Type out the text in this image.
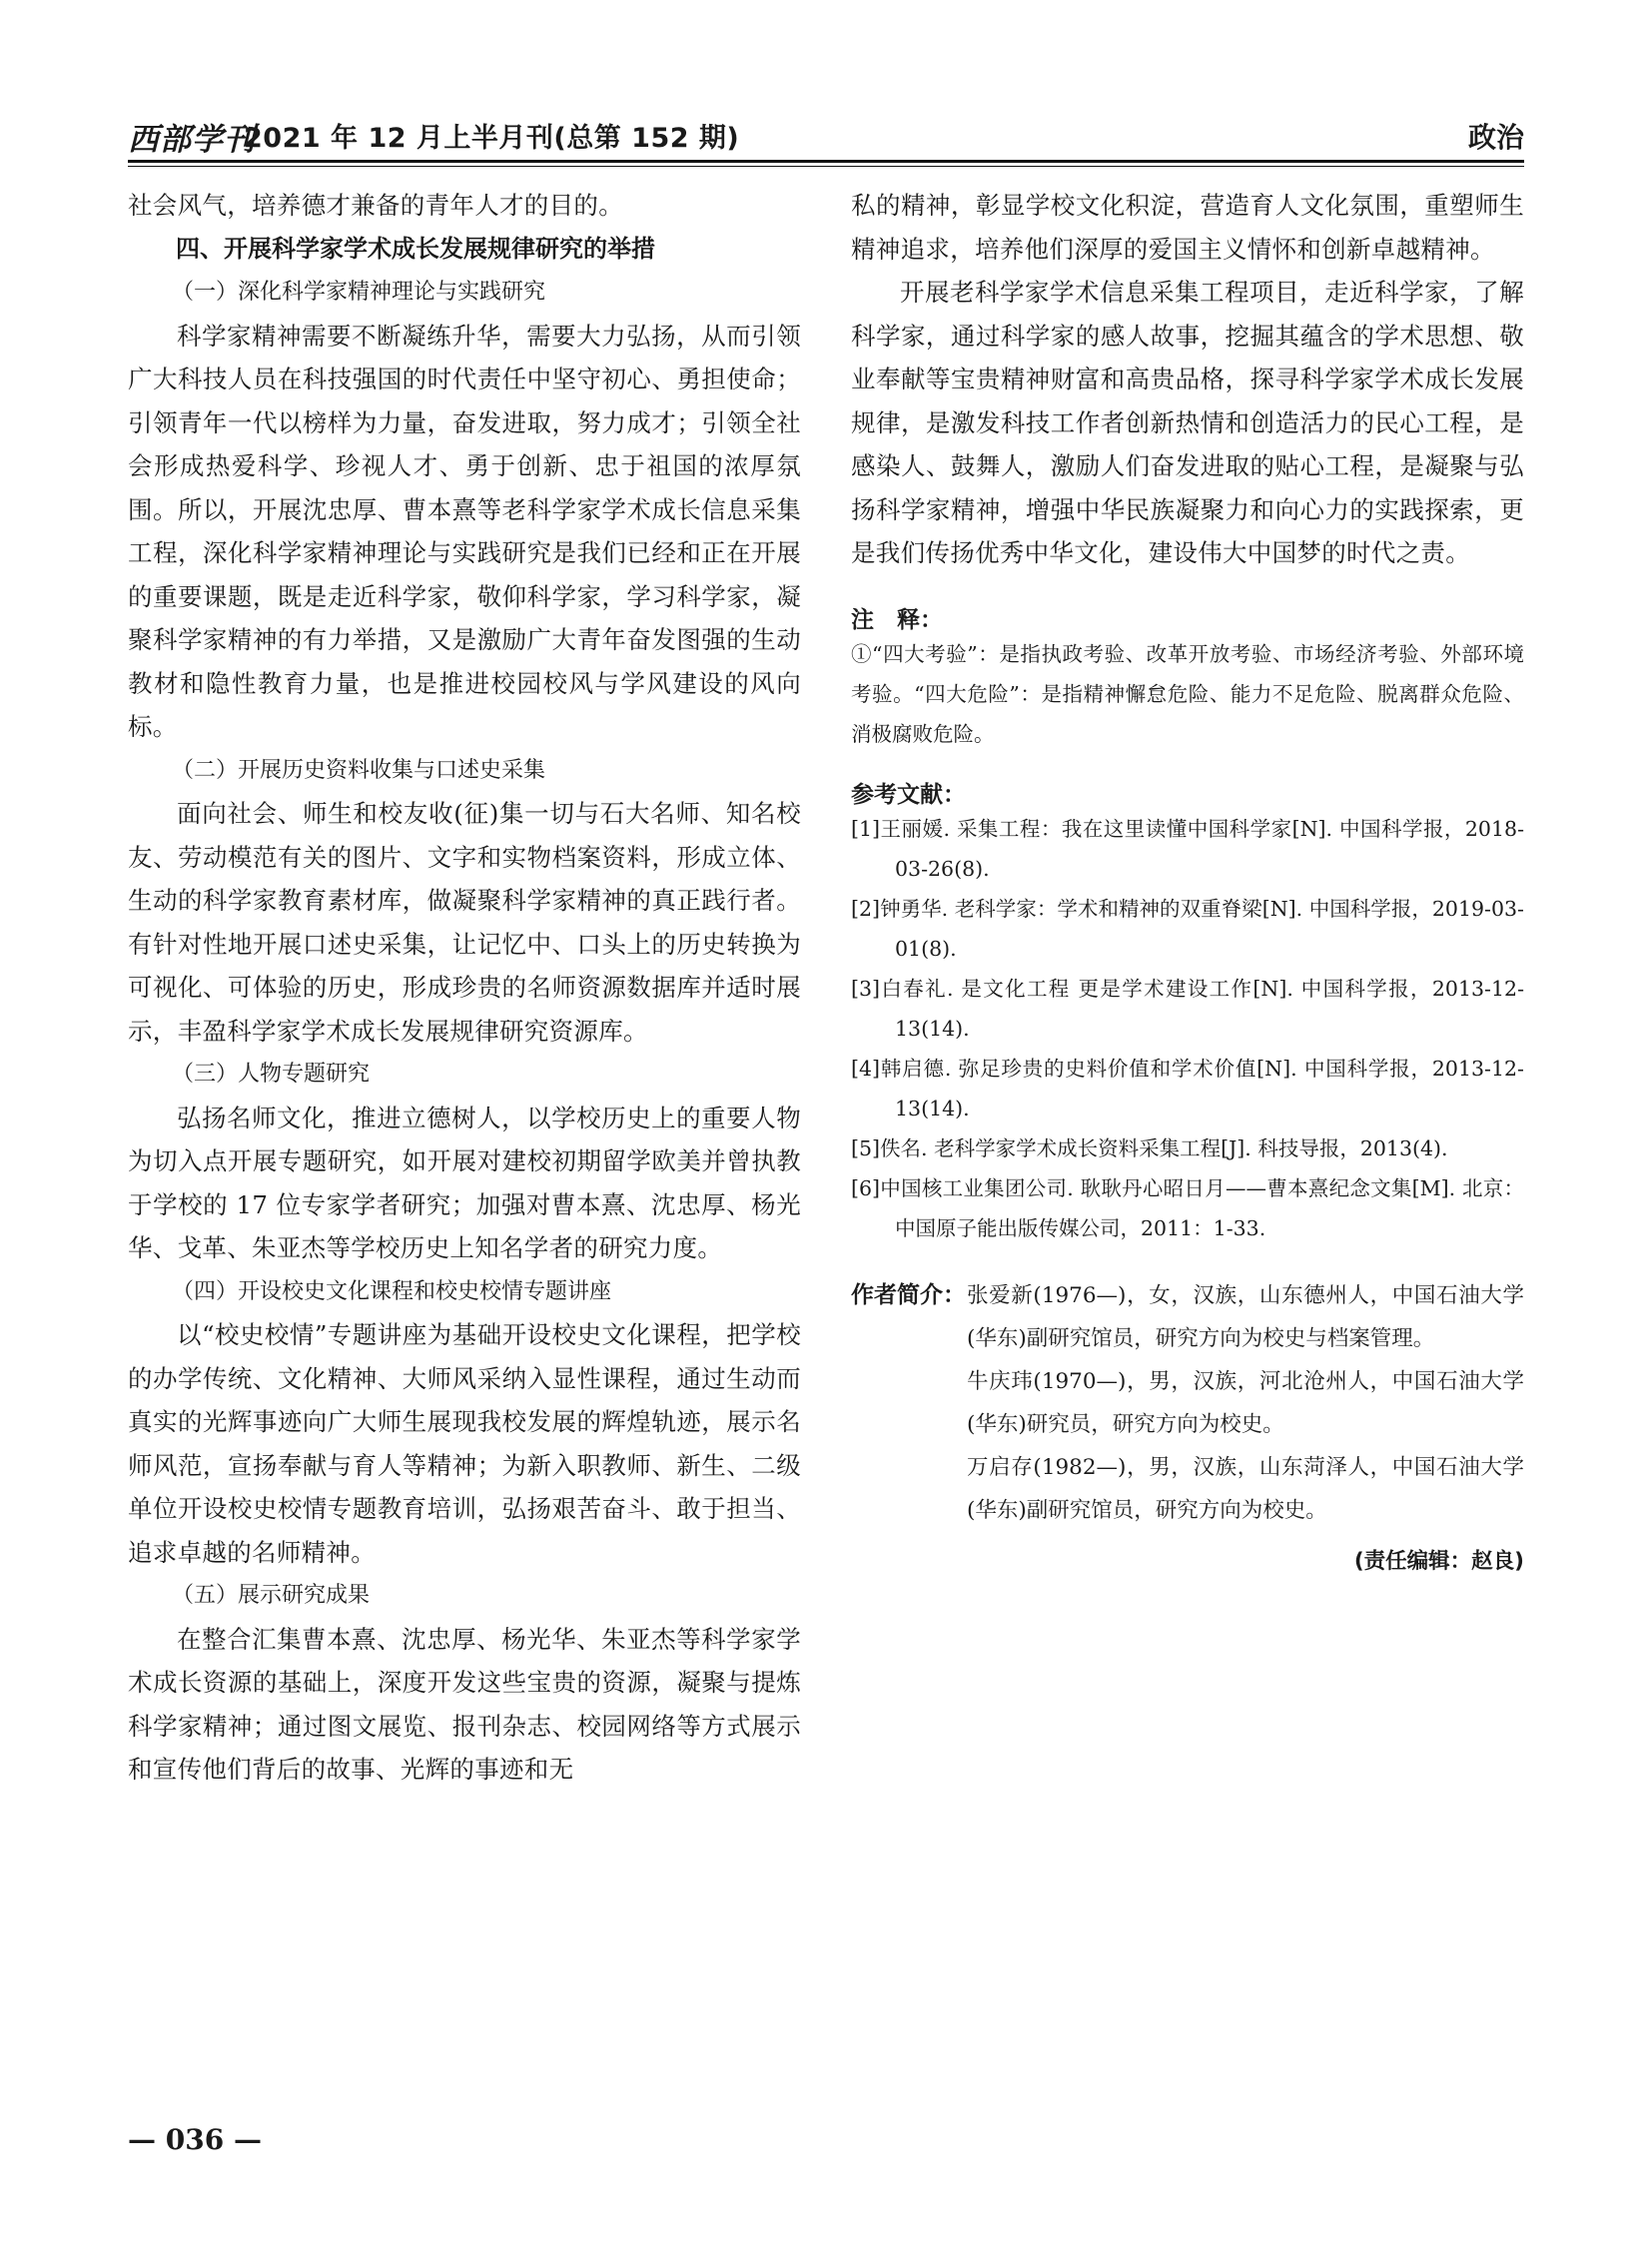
西部学刊
2021 年 12 月上半月刊(总第 152 期)	政治

社会风气，培养德才兼备的青年人才的目的。

四、开展科学家学术成长发展规律研究的举措

（一）深化科学家精神理论与实践研究

科学家精神需要不断凝练升华，需要大力弘扬，从而引领广大科技人员在科技强国的时代责任中坚守初心、勇担使命；引领青年一代以榜样为力量，奋发进取，努力成才；引领全社会形成热爱科学、珍视人才、勇于创新、忠于祖国的浓厚氛围。所以，开展沈忠厚、曹本熹等老科学家学术成长信息采集工程，深化科学家精神理论与实践研究是我们已经和正在开展的重要课题，既是走近科学家，敬仰科学家，学习科学家，凝聚科学家精神的有力举措，又是激励广大青年奋发图强的生动教材和隐性教育力量，也是推进校园校风与学风建设的风向标。

（二）开展历史资料收集与口述史采集

面向社会、师生和校友收(征)集一切与石大名师、知名校友、劳动模范有关的图片、文字和实物档案资料，形成立体、生动的科学家教育素材库，做凝聚科学家精神的真正践行者。有针对性地开展口述史采集，让记忆中、口头上的历史转换为可视化、可体验的历史，形成珍贵的名师资源数据库并适时展示，丰盈科学家学术成长发展规律研究资源库。

（三）人物专题研究

弘扬名师文化，推进立德树人，以学校历史上的重要人物为切入点开展专题研究，如开展对建校初期留学欧美并曾执教于学校的 17 位专家学者研究；加强对曹本熹、沈忠厚、杨光华、戈革、朱亚杰等学校历史上知名学者的研究力度。

（四）开设校史文化课程和校史校情专题讲座

以“校史校情”专题讲座为基础开设校史文化课程，把学校的办学传统、文化精神、大师风采纳入显性课程，通过生动而真实的光辉事迹向广大师生展现我校发展的辉煌轨迹，展示名师风范，宣扬奉献与育人等精神；为新入职教师、新生、二级单位开设校史校情专题教育培训，弘扬艰苦奋斗、敢于担当、追求卓越的名师精神。

（五）展示研究成果

在整合汇集曹本熹、沈忠厚、杨光华、朱亚杰等科学家学术成长资源的基础上，深度开发这些宝贵的资源，凝聚与提炼科学家精神；通过图文展览、报刊杂志、校园网络等方式展示和宣传他们背后的故事、光辉的事迹和无

私的精神，彰显学校文化积淀，营造育人文化氛围，重塑师生精神追求，培养他们深厚的爱国主义情怀和创新卓越精神。

开展老科学家学术信息采集工程项目，走近科学家，了解科学家，通过科学家的感人故事，挖掘其蕴含的学术思想、敬业奉献等宝贵精神财富和高贵品格，探寻科学家学术成长发展规律，是激发科技工作者创新热情和创造活力的民心工程，是感染人、鼓舞人，激励人们奋发进取的贴心工程，是凝聚与弘扬科学家精神，增强中华民族凝聚力和向心力的实践探索，更是我们传扬优秀中华文化，建设伟大中国梦的时代之责。

注　释：

①“四大考验”：是指执政考验、改革开放考验、市场经济考验、外部环境考验。“四大危险”：是指精神懈怠危险、能力不足危险、脱离群众危险、消极腐败危险。

参考文献：

[1]王丽媛. 采集工程：我在这里读懂中国科学家[N]. 中国科学报，2018-03-26(8).

[2]钟勇华. 老科学家：学术和精神的双重脊梁[N]. 中国科学报，2019-03-01(8).

[3]白春礼. 是文化工程 更是学术建设工作[N]. 中国科学报，2013-12-13(14).

[4]韩启德. 弥足珍贵的史料价值和学术价值[N]. 中国科学报，2013-12-13(14).

[5]佚名. 老科学家学术成长资料采集工程[J]. 科技导报，2013(4).

[6]中国核工业集团公司. 耿耿丹心昭日月——曹本熹纪念文集[M]. 北京：中国原子能出版传媒公司，2011：1-33.

作者简介： 张爱新(1976—)，女，汉族，山东德州人，中国石油大学(华东)副研究馆员，研究方向为校史与档案管理。

牛庆玮(1970—)，男，汉族，河北沧州人，中国石油大学(华东)研究员，研究方向为校史。

万启存(1982—)，男，汉族，山东菏泽人，中国石油大学(华东)副研究馆员，研究方向为校史。

(责任编辑：赵良)
— 036 —
